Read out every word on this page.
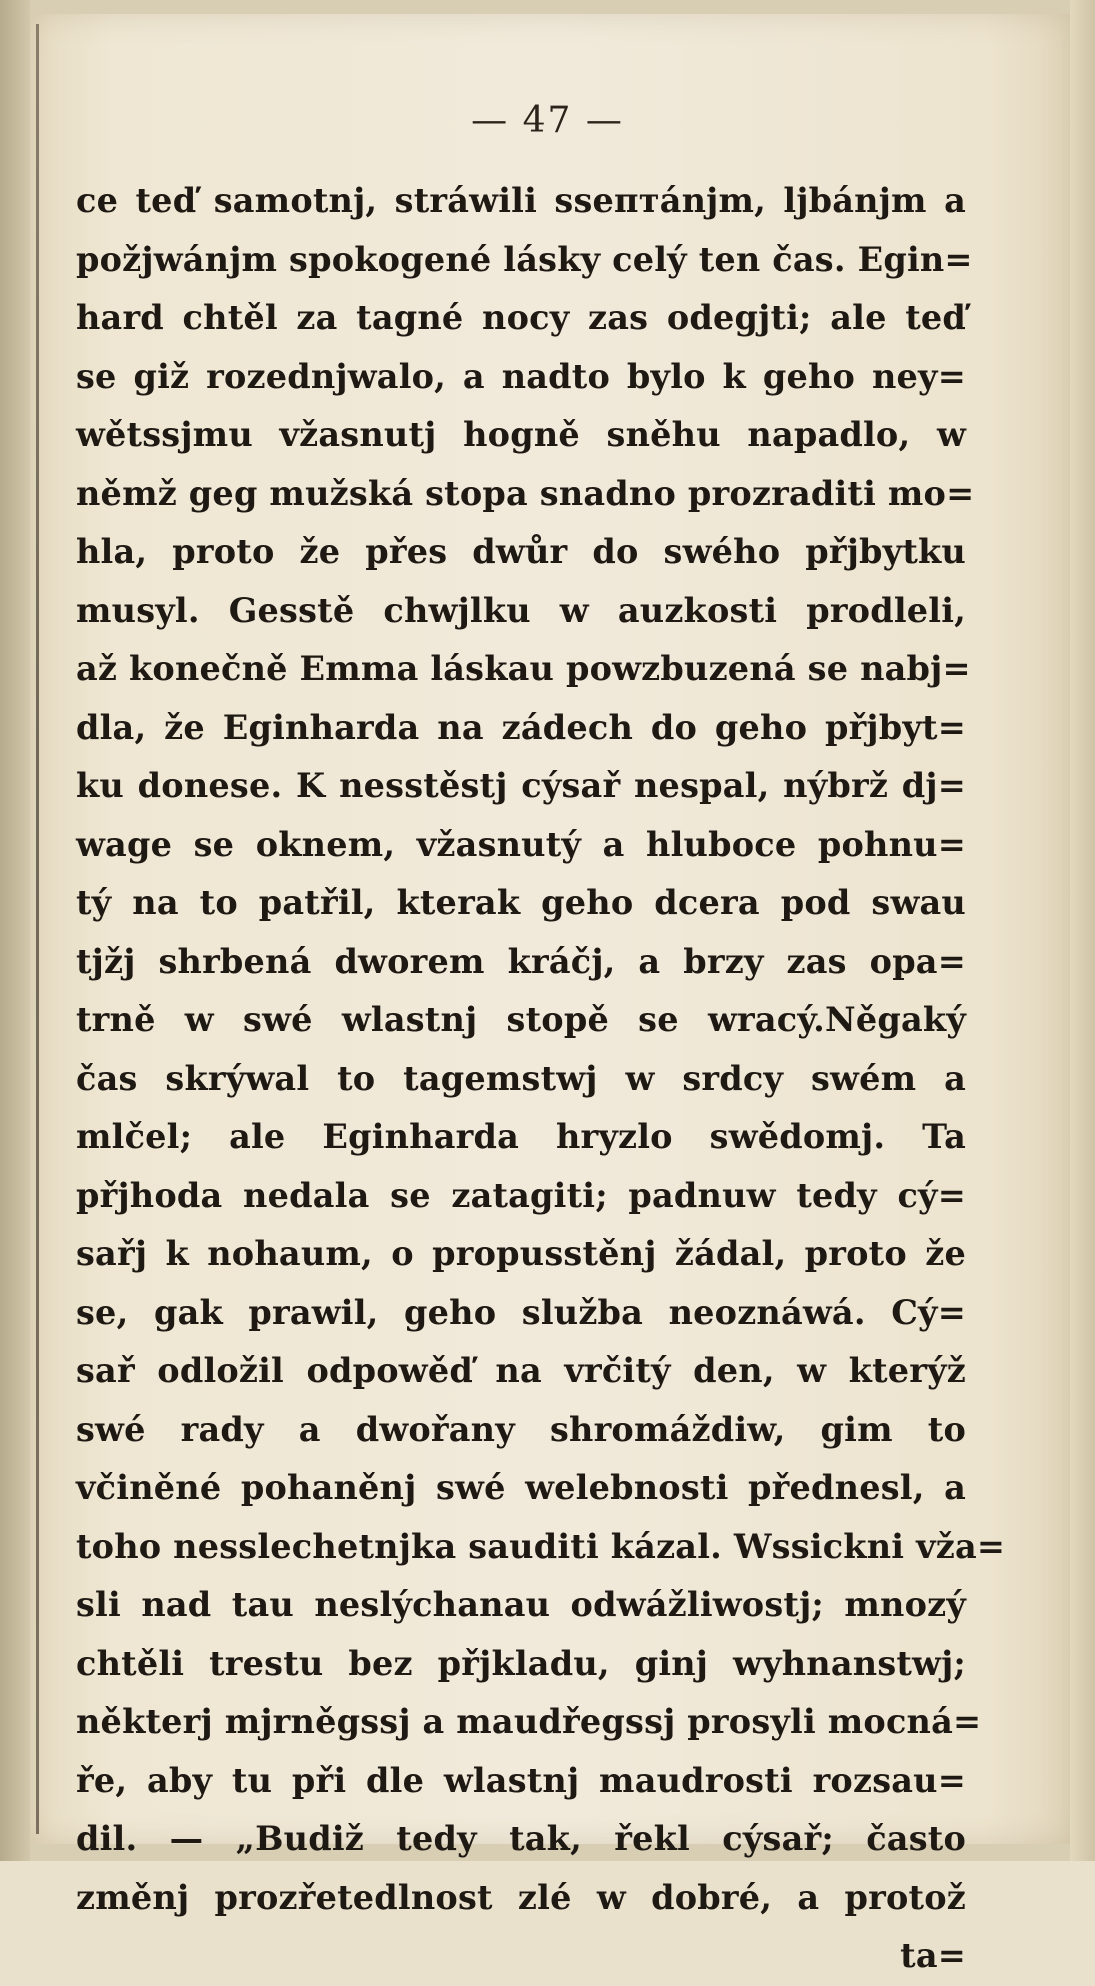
— 47 —
ce teď samotnj, stráwili ssептánjm, ljbánjm a
požjwánjm spokogené lásky celý ten čas. Egin=
hard chtěl za tagné nocy zas odegjti; ale teď
se giž rozednjwalo, a nadto bylo k geho ney=
wětssjmu vžasnutj hogně sněhu napadlo, w
němž geg mužská stopa snadno prozraditi mo=
hla, proto že přes dwůr do swého přjbytku
musyl. Gesstě chwjlku w auzkosti prodleli,
až konečně Emma láskau powzbuzená se nabj=
dla, že Eginharda na zádech do geho přjbyt=
ku donese. K nesstěstj cýsař nespal, nýbrž dj=
wage se oknem, vžasnutý a hluboce pohnu=
tý na to patřil, kterak geho dcera pod swau
tjžj shrbená dworem kráčj, a brzy zas opa=
trně w swé wlastnj stopě se wracý.Něgaký
čas skrýwal to tagemstwj w srdcy swém a
mlčel; ale Eginharda hryzlo swědomj. Ta
přjhoda nedala se zatagiti; padnuw tedy cý=
sařj k nohaum, o propusstěnj žádal, proto že
se, gak prawil, geho služba neoznáwá. Cý=
sař odložil odpowěď na vrčitý den, w kterýž
swé rady a dwořany shromáždiw, gim to
včiněné pohaněnj swé welebnosti přednesl, a
toho nesslechetnjka sauditi kázal. Wssickni vža=
sli nad tau neslýchanau odwážliwostj; mnozý
chtěli trestu bez přjkladu, ginj wyhnanstwj;
některj mjrněgssj a maudřegssj prosyli mocná=
ře, aby tu při dle wlastnj maudrosti rozsau=
dil. — „Budiž tedy tak, řekl cýsař; často
změnj prozřetedlnost zlé w dobré, a protož
ta=
